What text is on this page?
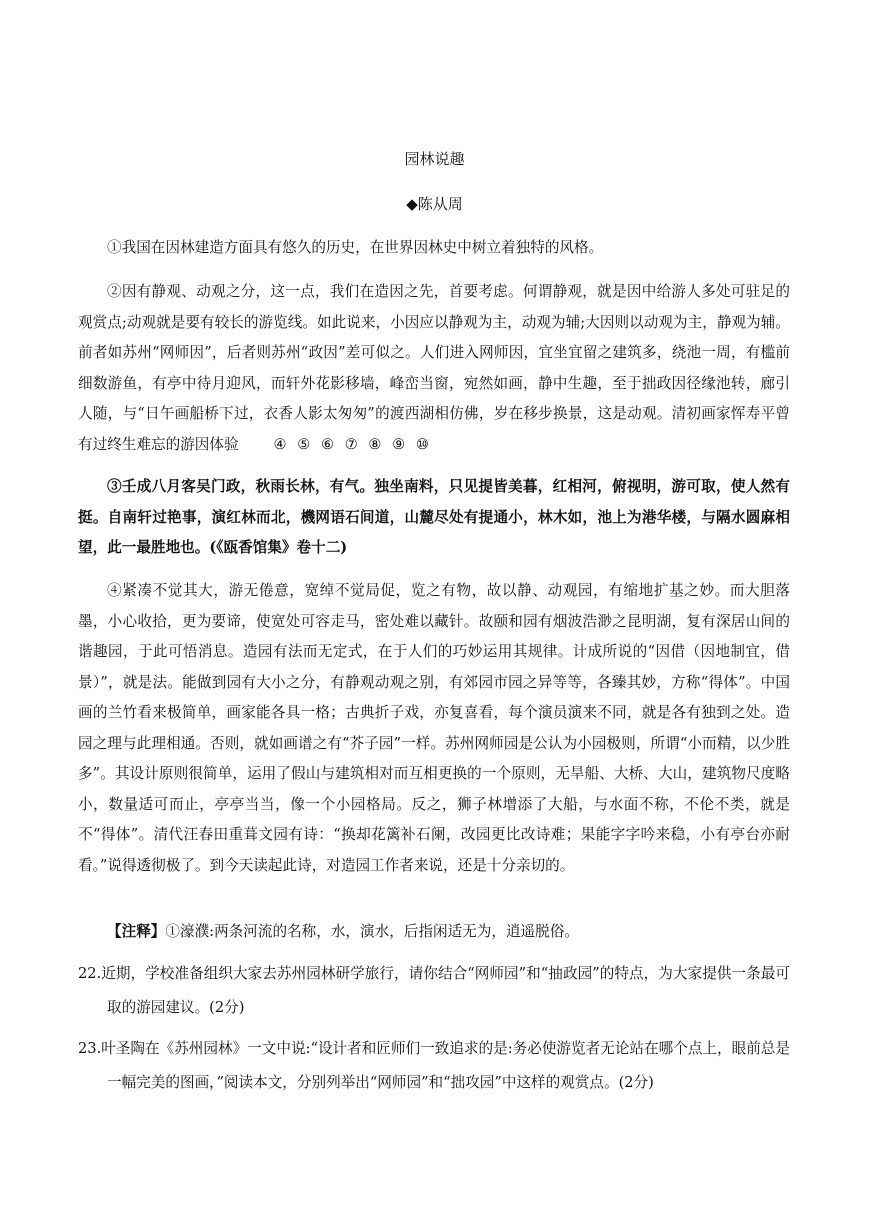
园林说趣
◆陈从周

①我国在因林建造方面具有悠久的历史，在世界因林史中树立着独特的风格。

②因有静观、动观之分，这一点，我们在造因之先，首要考虑。何谓静观，就是因中给游人多处可驻足的观赏点;动观就是要有较长的游览线。如此说来，小因应以静观为主，动观为辅;大因则以动观为主，静观为辅。前者如苏州“网师因”，后者则苏州“政因”差可似之。人们进入网师因，宜坐宜留之建筑多，绕池一周，有槛前细数游鱼，有亭中待月迎风，而轩外花影移墙，峰峦当窗，宛然如画，静中生趣，至于拙政因径缘池转，廊引人随，与“日午画船桥下过，衣香人影太匆匆”的渡西湖相仿佛，岁在移步换景，这是动观。清初画家恽寿平曾有过终生难忘的游因体验 ④ ⑤ ⑥ ⑦ ⑧ ⑨ ⑩

③壬成八月客吴门政，秋雨长林，有气。独坐南料，只见提皆美暮，红相河，俯视明，游可取，使人然有挺。自南轩过艳事，演红林而北，機网语石间道，山麓尽处有提通小，林木如，池上为港华楼，与隔水圆麻相望，此一最胜地也。(《瓯香馆集》卷十二)

④紧凑不觉其大，游无倦意，宽绰不觉局促，览之有物，故以静、动观园，有缩地扩基之妙。而大胆落墨，小心收拾，更为要谛，使宽处可容走马，密处难以藏针。故颐和园有烟波浩渺之昆明湖，复有深居山间的谐趣园，于此可悟消息。造园有法而无定式，在于人们的巧妙运用其规律。计成所说的“因借（因地制宜，借景）”，就是法。能做到园有大小之分，有静观动观之别，有郊园市园之异等等，各臻其妙，方称“得体”。中国画的兰竹看来极简单，画家能各具一格；古典折子戏，亦复喜看，每个演员演来不同，就是各有独到之处。造园之理与此理相通。否则，就如画谱之有“芥子园”一样。苏州网师园是公认为小园极则，所谓“小而精，以少胜多”。其设计原则很简单，运用了假山与建筑相对而互相更换的一个原则，无旱船、大桥、大山，建筑物尺度略小，数量适可而止，亭亭当当，像一个小园格局。反之，狮子林增添了大船，与水面不称，不伦不类，就是不“得体”。清代汪春田重葺文园有诗：“换却花篱补石阑，改园更比改诗难；果能字字吟来稳，小有亭台亦耐看。”说得透彻极了。到今天读起此诗，对造园工作者来说，还是十分亲切的。

【注释】①濠濮:两条河流的名称，水，演水，后指闲适无为，逍遥脱俗。

22.近期，学校准备组织大家去苏州园林研学旅行，请你结合“网师园”和“抽政园”的特点，为大家提供一条最可取的游园建议。(2分)

23.叶圣陶在《苏州园林》一文中说:“设计者和匠师们一致追求的是:务必使游览者无论站在哪个点上，眼前总是一幅完美的图画，”阅读本文，分别列举出“网师园”和“拙攻园”中这样的观赏点。(2分)
